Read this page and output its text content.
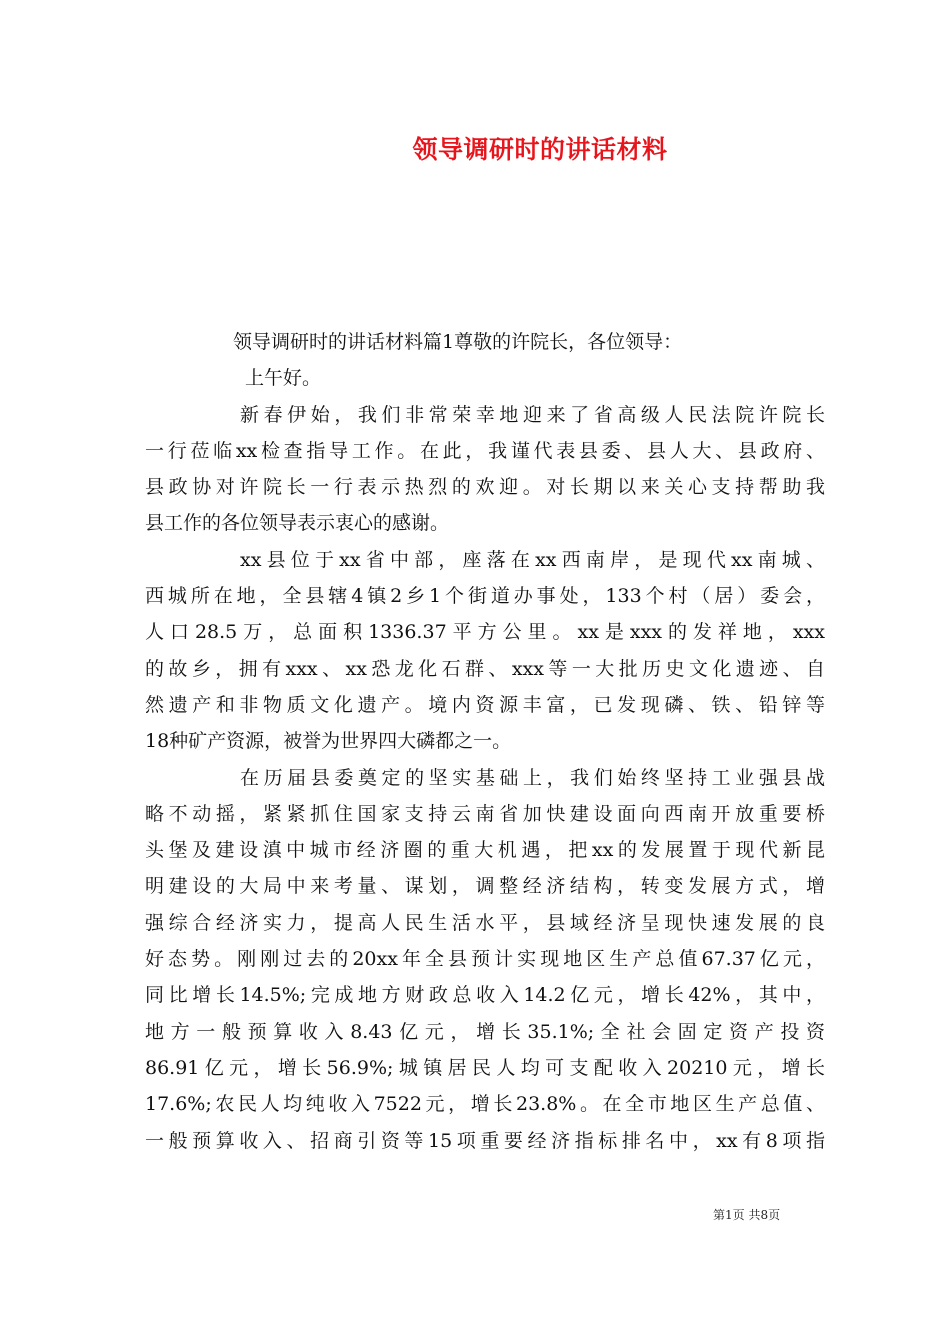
领导调研时的讲话材料
领导调研时的讲话材料篇1尊敬的许院长，各位领导：
上午好。
新春伊始，我们非常荣幸地迎来了省高级人民法院许院长
一行莅临xx检查指导工作。在此，我谨代表县委、县人大、县政府、
县政协对许院长一行表示热烈的欢迎。对长期以来关心支持帮助我
县工作的各位领导表示衷心的感谢。
xx县位于xx省中部，座落在xx西南岸，是现代xx南城、
西城所在地，全县辖4镇2乡1个街道办事处，133个村（居）委会，
人口28.5万，总面积1336.37平方公里。xx是xxx的发祥地，xxx
的故乡，拥有xxx、xx恐龙化石群、xxx等一大批历史文化遗迹、自
然遗产和非物质文化遗产。境内资源丰富，已发现磷、铁、铅锌等
18种矿产资源，被誉为世界四大磷都之一。
在历届县委奠定的坚实基础上，我们始终坚持工业强县战
略不动摇，紧紧抓住国家支持云南省加快建设面向西南开放重要桥
头堡及建设滇中城市经济圈的重大机遇，把xx的发展置于现代新昆
明建设的大局中来考量、谋划，调整经济结构，转变发展方式，增
强综合经济实力，提高人民生活水平，县域经济呈现快速发展的良
好态势。刚刚过去的20xx年全县预计实现地区生产总值67.37亿元，
同比增长14.5%;完成地方财政总收入14.2亿元，增长42%，其中，
地方一般预算收入8.43亿元，增长35.1%;全社会固定资产投资
86.91亿元，增长56.9%;城镇居民人均可支配收入20210元，增长
17.6%;农民人均纯收入7522元，增长23.8%。在全市地区生产总值、
一般预算收入、招商引资等15项重要经济指标排名中，xx有8项指
第1页 共8页
